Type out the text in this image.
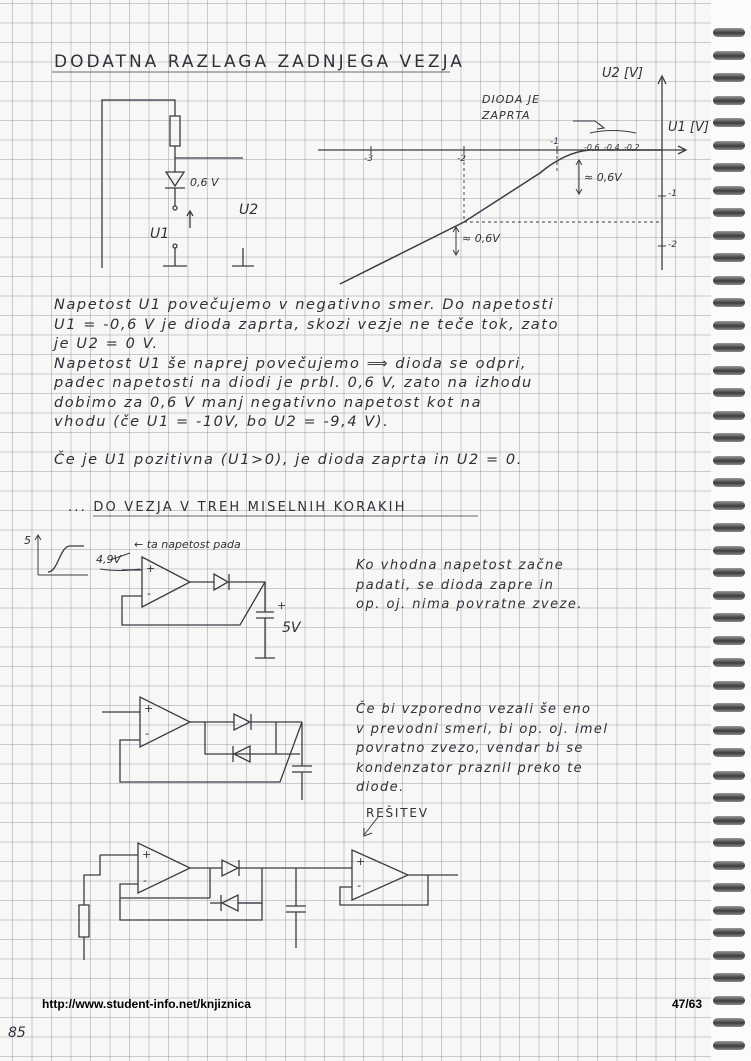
DODATNA RAZLAGA ZADNJEGA VEZJA
0,6 V
U1
U2
U2 [V]
U1 [V]
DIODA JE ZAPRTA
-3	-2
-1
-0,6 -0,4 -0,2
-1
-2
≈ 0,6V
≈ 0,6V
Napetost U1 povečujemo v negativno smer. Do napetosti
U1 = -0,6 V je dioda zaprta, skozi vezje ne teče tok, zato
je U2 = 0 V.
Napetost U1 še naprej povečujemo ⟹ dioda se odpri,
padec napetosti na diodi je prbl. 0,6 V, zato na izhodu
dobimo za 0,6 V manj negativno napetost kot na
vhodu (če U1 = -10V, bo U2 = -9,4 V).
Če je U1 pozitivna (U1>0), je dioda zaprta in U2 = 0.
... DO VEZJA V TREH MISELNIH KORAKIH
5
4,9V
← ta napetost pada
+
-
+
5V
Ko vhodna napetost začne
padati, se dioda zapre in
op. oj. nima povratne zveze.
Če bi vzporedno vezali še eno
v prevodni smeri, bi op. oj. imel
povratno zvezo, vendar bi se
kondenzator praznil preko te
diode.
+
-
+
-
+
-
REŠITEV
http://www.student-info.net/knjiznica	47/63
85
